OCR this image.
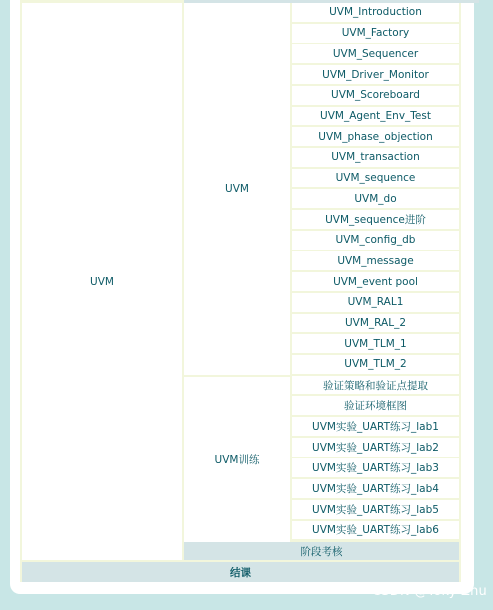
UVM
UVM
UVM训练
UVM_Introduction
UVM_Factory
UVM_Sequencer
UVM_Driver_Monitor
UVM_Scoreboard
UVM_Agent_Env_Test
UVM_phase_objection
UVM_transaction
UVM_sequence
UVM_do
UVM_sequence进阶
UVM_config_db
UVM_message
UVM_event pool
UVM_RAL1
UVM_RAL_2
UVM_TLM_1
UVM_TLM_2
验证策略和验证点提取
验证环境框图
UVM实验_UART练习_lab1
UVM实验_UART练习_lab2
UVM实验_UART练习_lab3
UVM实验_UART练习_lab4
UVM实验_UART练习_lab5
UVM实验_UART练习_lab6
阶段考核
结课
CSDN @Toky Zhu
